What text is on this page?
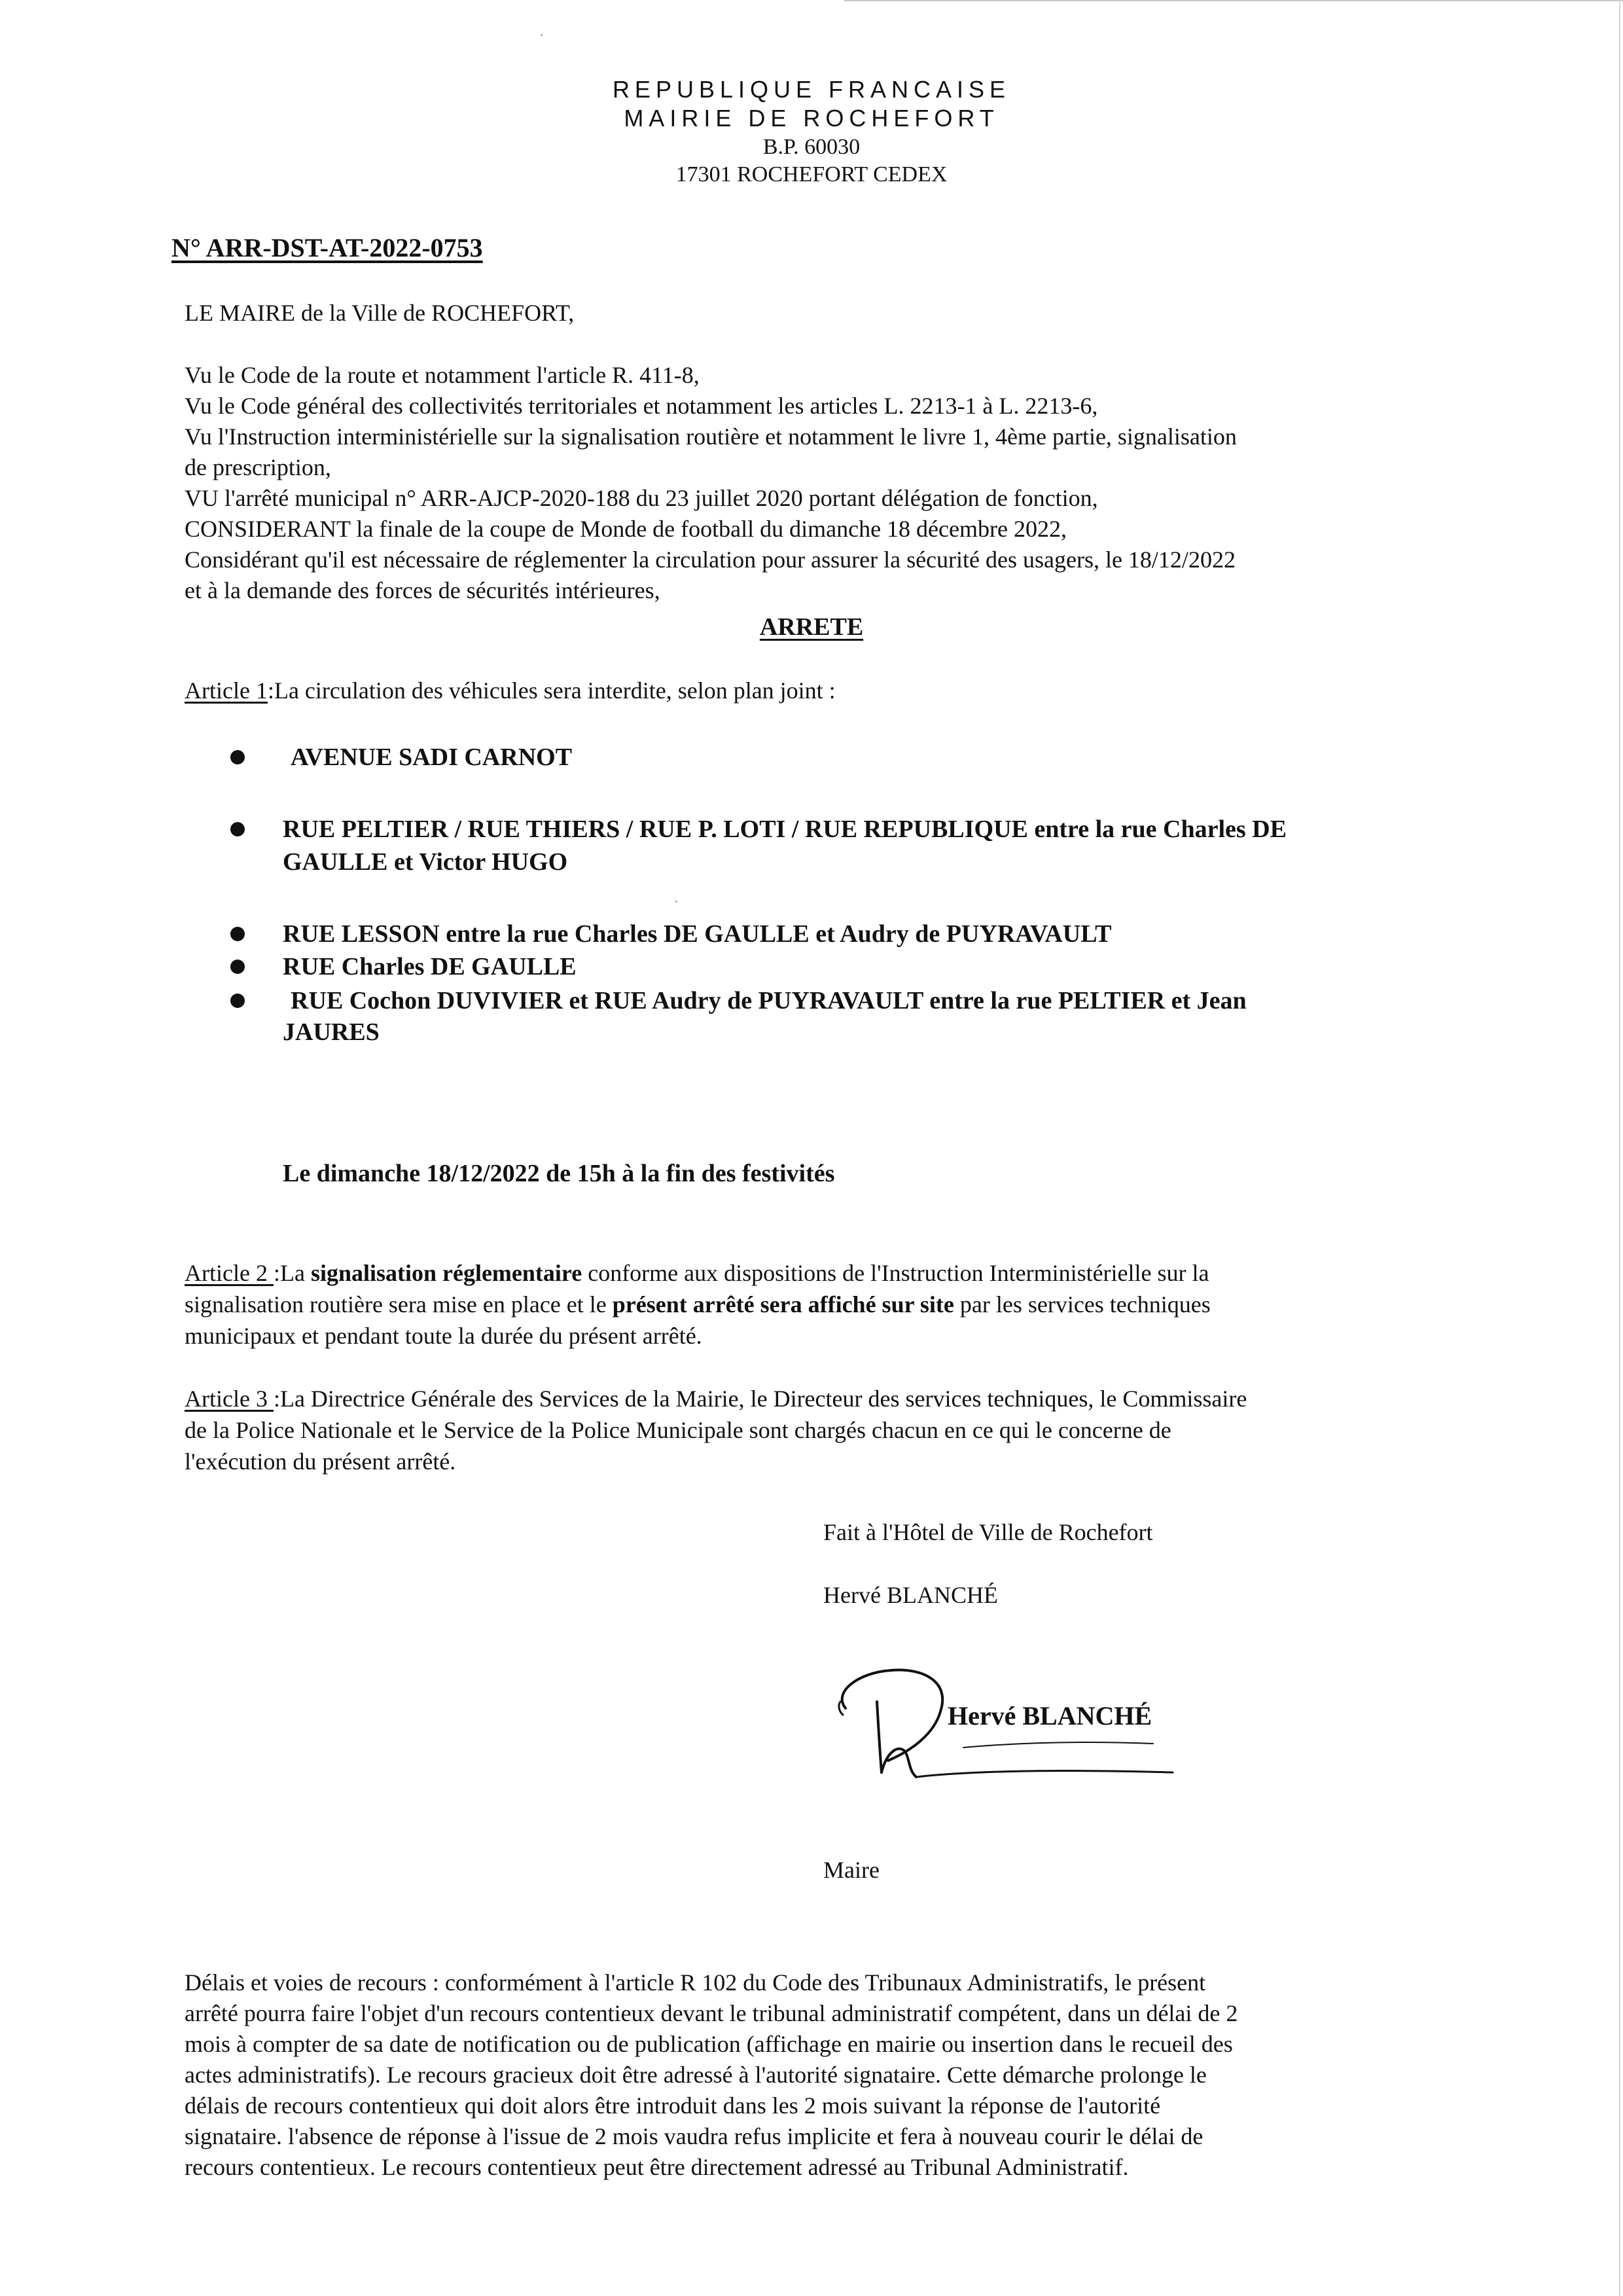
REPUBLIQUE FRANCAISE
MAIRIE DE ROCHEFORT
B.P. 60030
17301 ROCHEFORT CEDEX
N° ARR-DST-AT-2022-0753
LE MAIRE de la Ville de ROCHEFORT,
Vu le Code de la route et notamment l'article R. 411-8,
Vu le Code général des collectivités territoriales et notamment les articles L. 2213-1 à L. 2213-6,
Vu l'Instruction interministérielle sur la signalisation routière et notamment le livre 1, 4ème partie, signalisation
de prescription,
VU l'arrêté municipal n° ARR-AJCP-2020-188 du 23 juillet 2020 portant délégation de fonction,
CONSIDERANT la finale de la coupe de Monde de football du dimanche 18 décembre 2022,
Considérant qu'il est nécessaire de réglementer la circulation pour assurer la sécurité des usagers, le 18/12/2022
et à la demande des forces de sécurités intérieures,
ARRETE
Article 1:La circulation des véhicules sera interdite, selon plan joint :
AVENUE SADI CARNOT
RUE PELTIER / RUE THIERS / RUE P. LOTI / RUE REPUBLIQUE entre la rue Charles DE
GAULLE et Victor HUGO
RUE LESSON entre la rue Charles DE GAULLE et Audry de PUYRAVAULT
RUE Charles DE GAULLE
RUE Cochon DUVIVIER et RUE Audry de PUYRAVAULT entre la rue PELTIER et Jean
JAURES
Le dimanche 18/12/2022 de 15h à la fin des festivités
Article 2 :La signalisation réglementaire conforme aux dispositions de l'Instruction Interministérielle sur la
signalisation routière sera mise en place et le présent arrêté sera affiché sur site par les services techniques
municipaux et pendant toute la durée du présent arrêté.
Article 3 :La Directrice Générale des Services de la Mairie, le Directeur des services techniques, le Commissaire
de la Police Nationale et le Service de la Police Municipale sont chargés chacun en ce qui le concerne de
l'exécution du présent arrêté.
Fait à l'Hôtel de Ville de Rochefort
Hervé BLANCHÉ
Hervé BLANCHÉ
Maire
Délais et voies de recours : conformément à l'article R 102 du Code des Tribunaux Administratifs, le présent
arrêté pourra faire l'objet d'un recours contentieux devant le tribunal administratif compétent, dans un délai de 2
mois à compter de sa date de notification ou de publication (affichage en mairie ou insertion dans le recueil des
actes administratifs). Le recours gracieux doit être adressé à l'autorité signataire. Cette démarche prolonge le
délais de recours contentieux qui doit alors être introduit dans les 2 mois suivant la réponse de l'autorité
signataire. l'absence de réponse à l'issue de 2 mois vaudra refus implicite et fera à nouveau courir le délai de
recours contentieux. Le recours contentieux peut être directement adressé au Tribunal Administratif.
